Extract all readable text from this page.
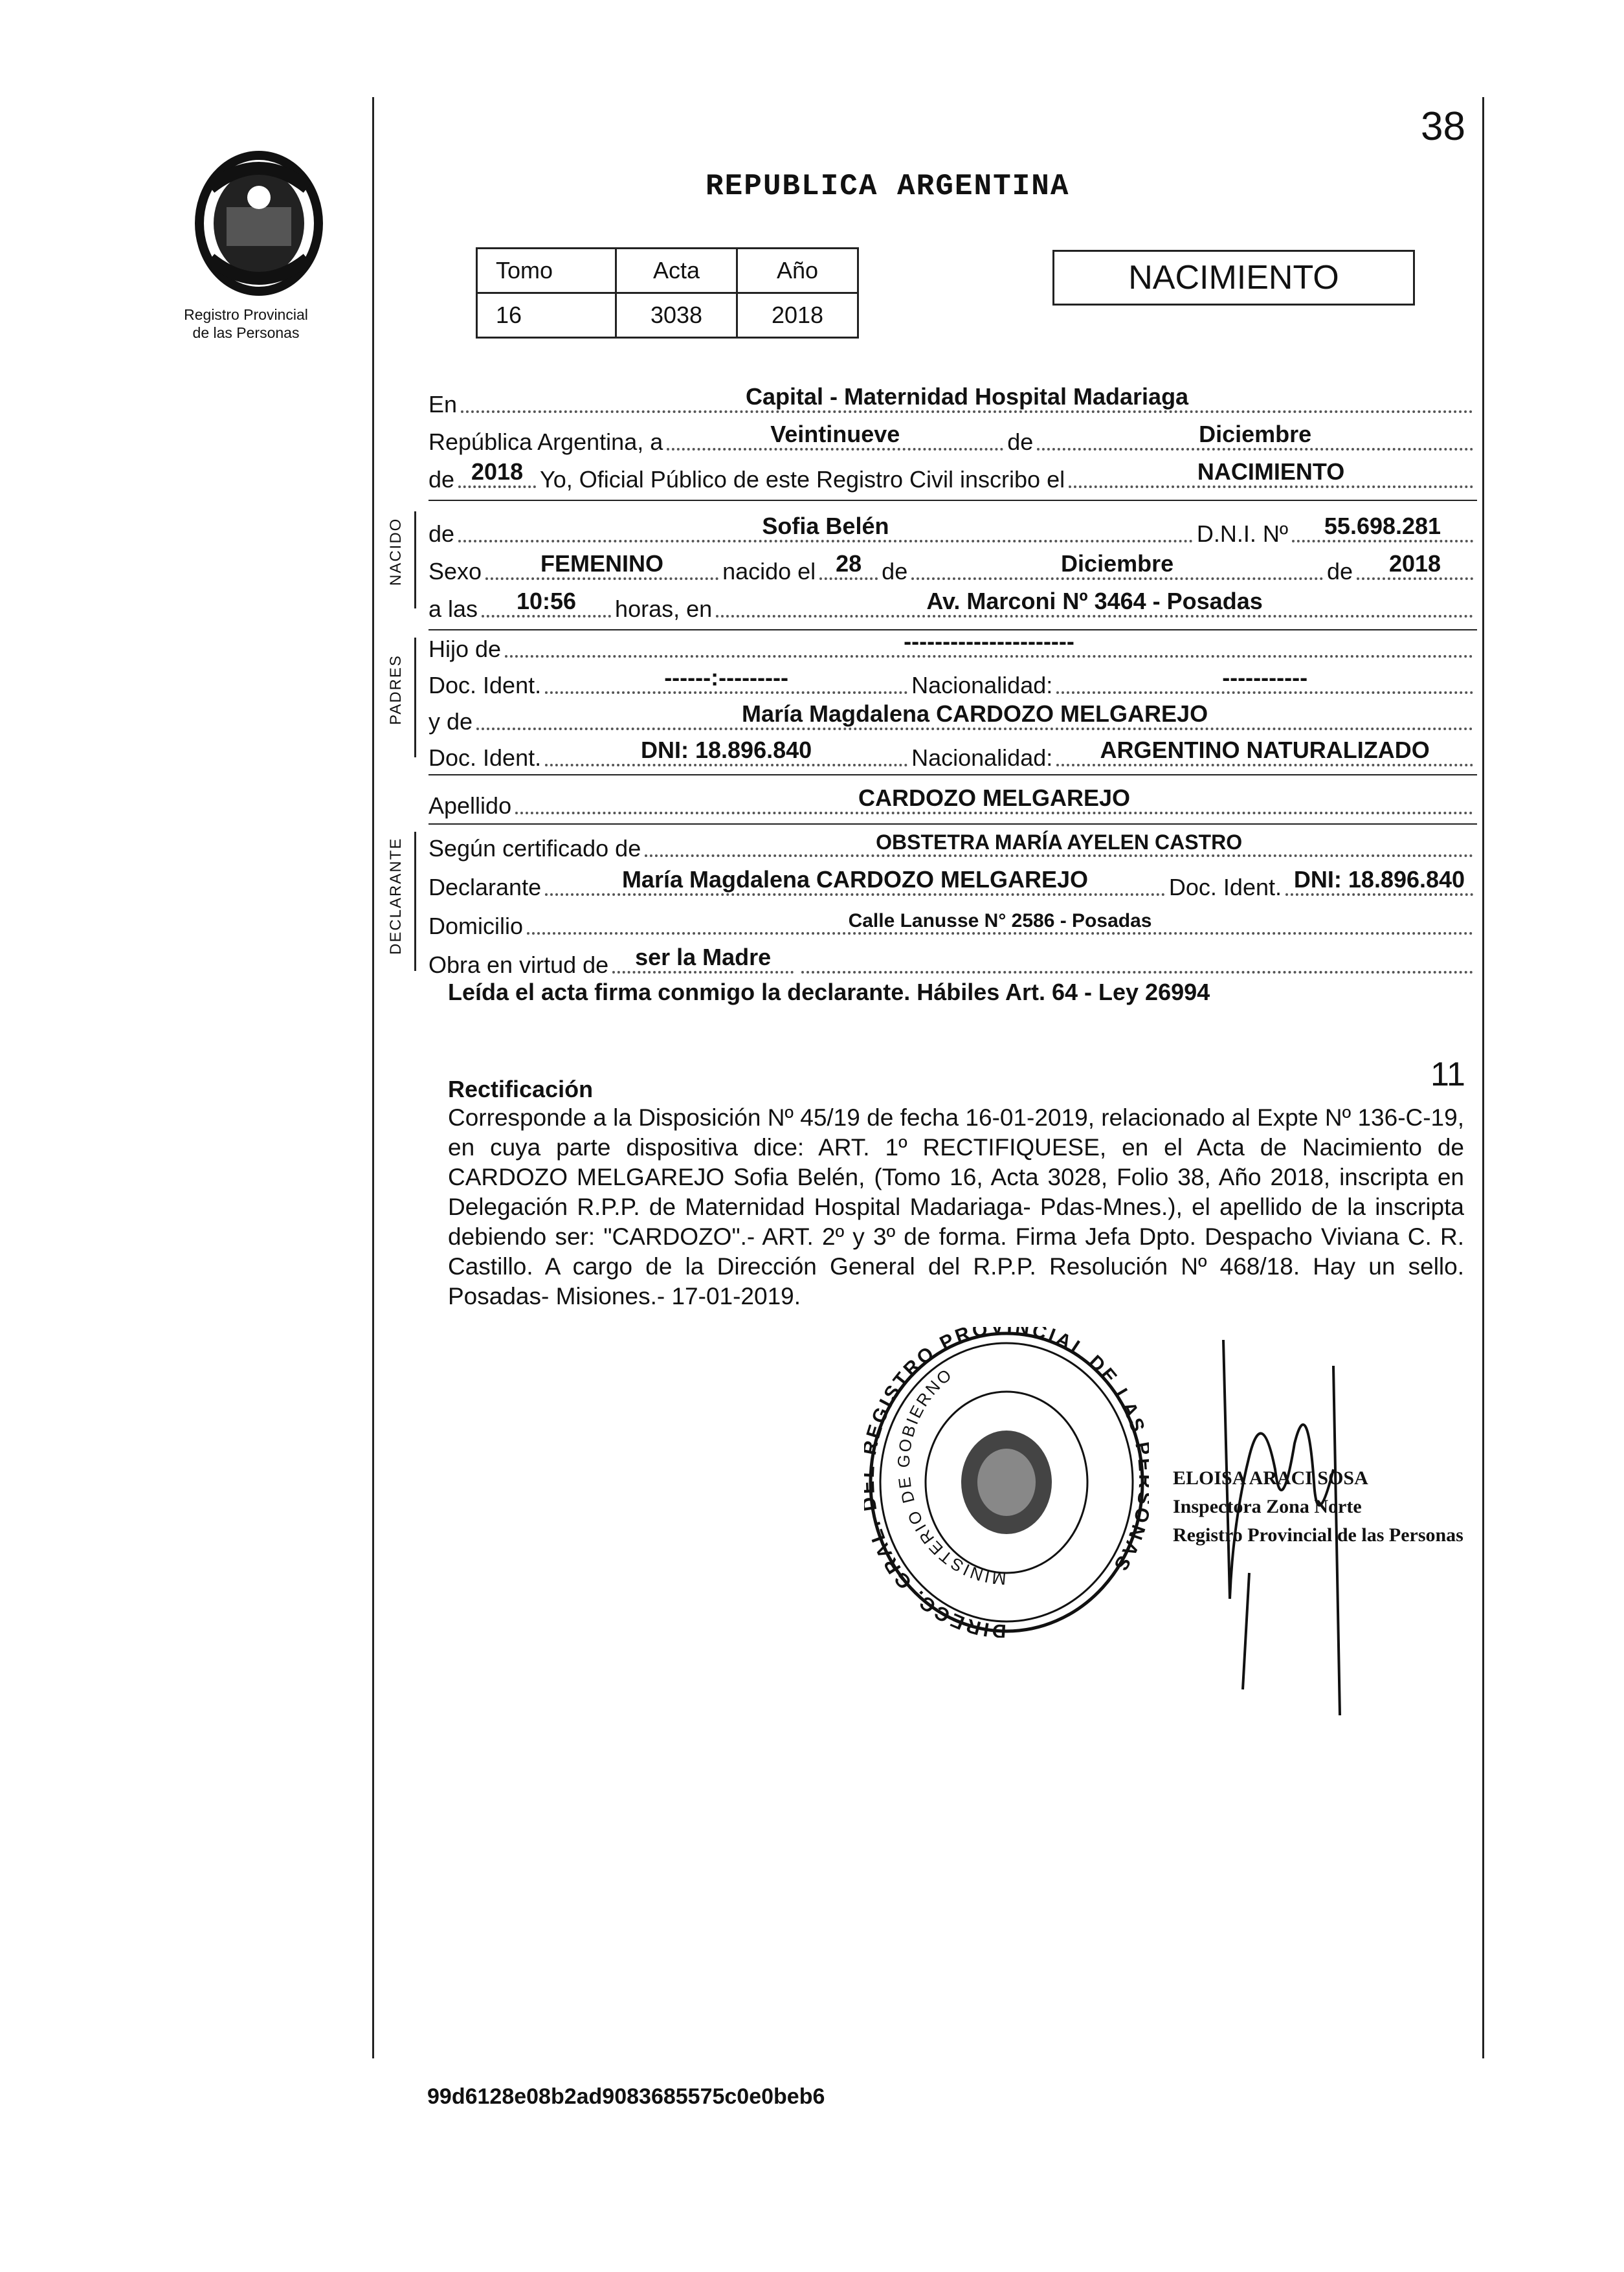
38
Registro Provincial
de las Personas
REPUBLICA ARGENTINA
Tomo	Acta	Año
16	3038	2018
NACIMIENTO
En	Capital - Maternidad Hospital Madariaga
República Argentina, a	Veintinueve	de	Diciembre
de 2018 Yo, Oficial Público de este Registro Civil inscribo el	NACIMIENTO
NACIDO de	Sofia Belén	D.N.I. Nº	55.698.281
Sexo	FEMENINO	nacido el 28 de	Diciembre	de	2018
a las	10:56	horas, en	Av. Marconi Nº 3464 - Posadas
PADRES
Hijo de	----------------------
Doc. Ident.	------:---------	Nacionalidad:	-----------
y de	María Magdalena CARDOZO MELGAREJO
Doc. Ident.	DNI: 18.896.840	Nacionalidad:	ARGENTINO NATURALIZADO
Apellido	CARDOZO MELGAREJO
DECLARANTE Según certificado de	OBSTETRA MARÍA AYELEN CASTRO
Declarante	María Magdalena CARDOZO MELGAREJO	Doc. Ident. DNI: 18.896.840
Domicilio	Calle Lanusse N° 2586 - Posadas
Obra en virtud de	ser la Madre
Leída el acta firma conmigo la declarante. Hábiles Art. 64 - Ley 26994
11
Rectificación
Corresponde a la Disposición Nº 45/19 de fecha 16-01-2019, relacionado al Expte Nº 136-C-19, en cuya parte dispositiva dice: ART. 1º RECTIFIQUESE, en el Acta de Nacimiento de CARDOZO MELGAREJO Sofia Belén, (Tomo 16, Acta 3028, Folio 38, Año 2018, inscripta en Delegación R.P.P. de Maternidad Hospital Madariaga- Pdas-Mnes.), el apellido de la inscripta debiendo ser: "CARDOZO".- ART. 2º y 3º de forma. Firma Jefa Dpto. Despacho Viviana C. R. Castillo. A cargo de la Dirección General del R.P.P. Resolución Nº 468/18. Hay un sello. Posadas- Misiones.- 17-01-2019.
DIRECC. GRAL. EGISTRO PROVINCIAL DE LAS NAS
MINISTERIO DE GOBIERNO
ELOISA ARACI SOSA
Inspectora Zona Norte
Registro Provincial de las Personas
99d6128e08b2ad9083685575c0e0beb6
